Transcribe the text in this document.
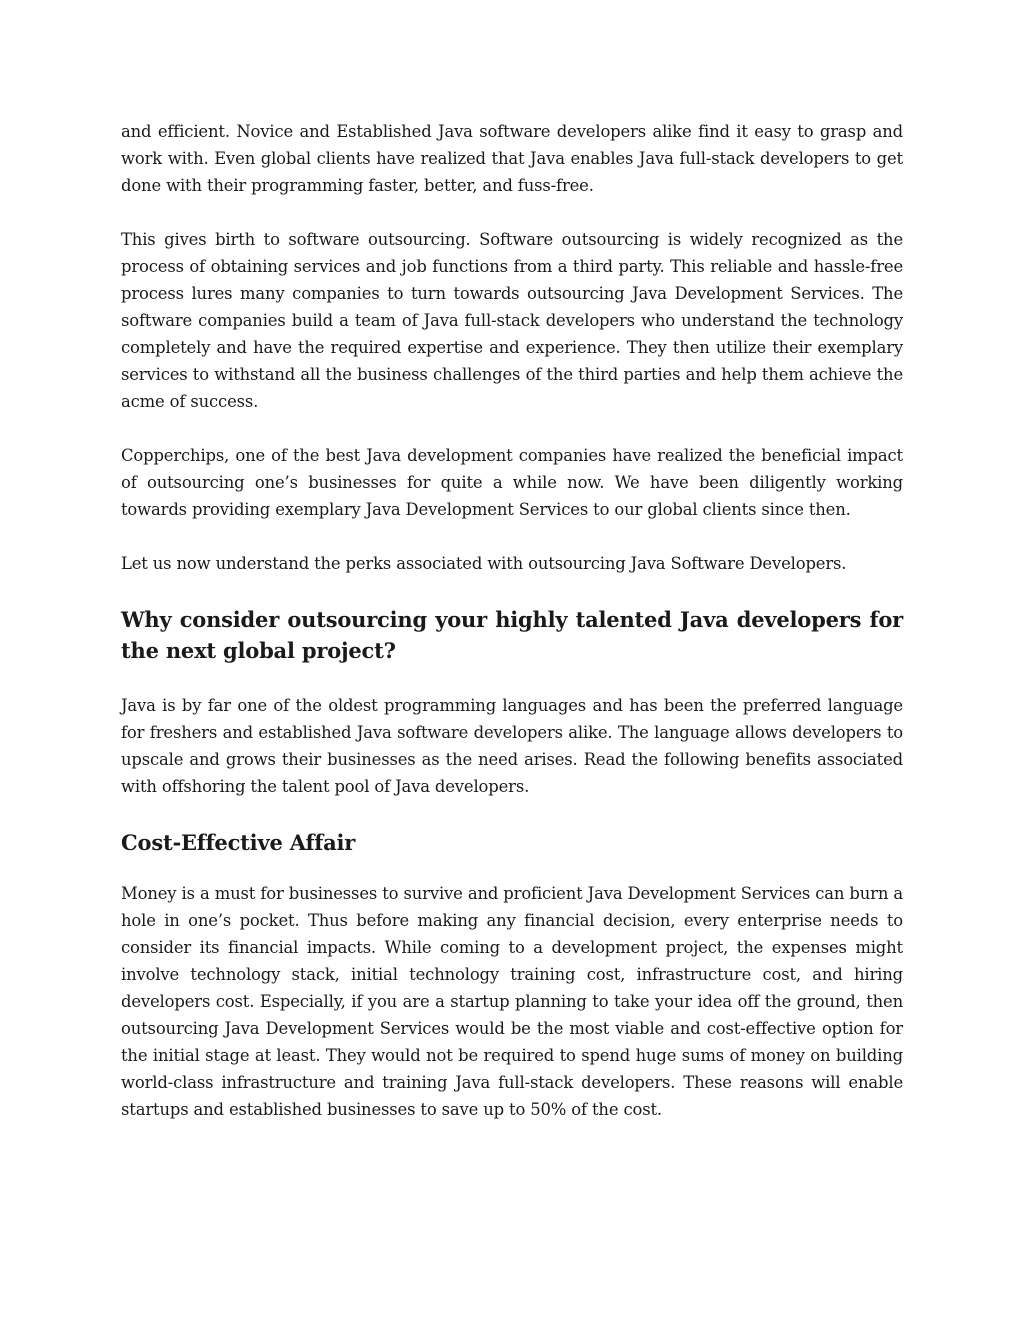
and efficient. Novice and Established Java software developers alike find it easy to grasp and work with. Even global clients have realized that Java enables Java full-stack developers to get done with their programming faster, better, and fuss-free.

This gives birth to software outsourcing. Software outsourcing is widely recognized as the process of obtaining services and job functions from a third party. This reliable and hassle-free process lures many companies to turn towards outsourcing Java Development Services. The software companies build a team of Java full-stack developers who understand the technology completely and have the required expertise and experience. They then utilize their exemplary services to withstand all the business challenges of the third parties and help them achieve the acme of success.

Copperchips, one of the best Java development companies have realized the beneficial impact of outsourcing one’s businesses for quite a while now. We have been diligently working towards providing exemplary Java Development Services to our global clients since then.

Let us now understand the perks associated with outsourcing Java Software Developers.

Why consider outsourcing your highly talented Java developers for the next global project?

Java is by far one of the oldest programming languages and has been the preferred language for freshers and established Java software developers alike. The language allows developers to upscale and grows their businesses as the need arises. Read the following benefits associated with offshoring the talent pool of Java developers.

Cost-Effective Affair

Money is a must for businesses to survive and proficient Java Development Services can burn a hole in one’s pocket. Thus before making any financial decision, every enterprise needs to consider its financial impacts. While coming to a development project, the expenses might involve technology stack, initial technology training cost, infrastructure cost, and hiring developers cost. Especially, if you are a startup planning to take your idea off the ground, then outsourcing Java Development Services would be the most viable and cost-effective option for the initial stage at least. They would not be required to spend huge sums of money on building world-class infrastructure and training Java full-stack developers. These reasons will enable startups and established businesses to save up to 50% of the cost.
